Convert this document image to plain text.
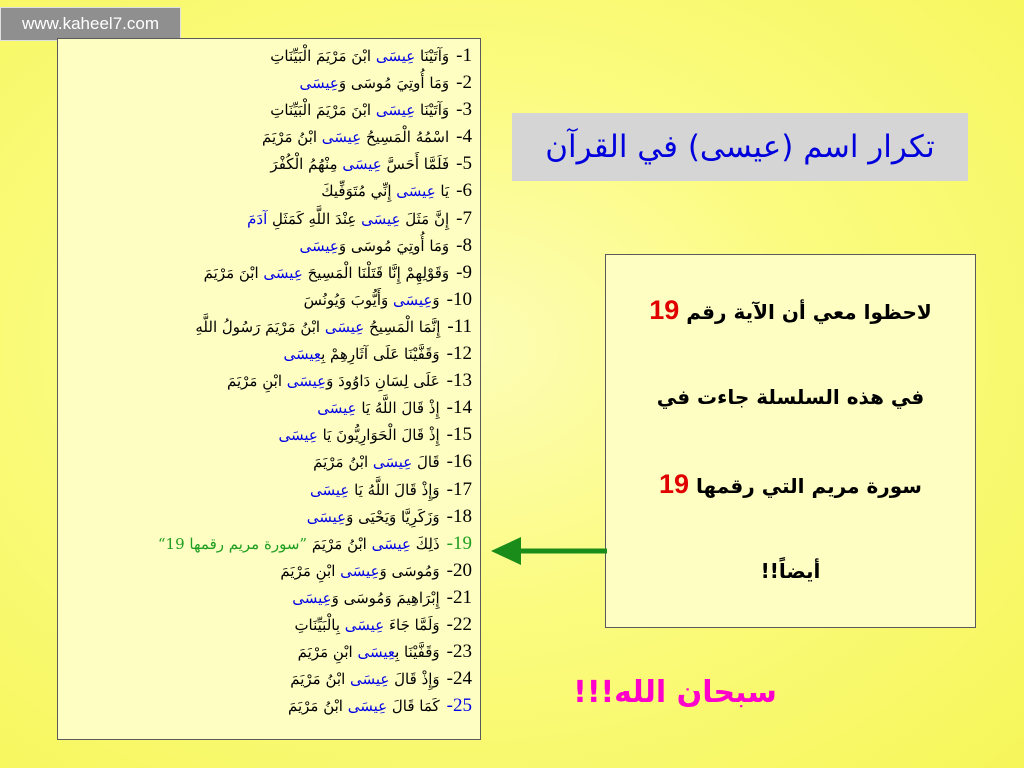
www.kaheel7.com
1-وَآتَيْنَا عِيسَى ابْنَ مَرْيَمَ الْبَيِّنَاتِ
2-وَمَا أُوتِيَ مُوسَى وَعِيسَى
3-وَآتَيْنَا عِيسَى ابْنَ مَرْيَمَ الْبَيِّنَاتِ
4-اسْمُهُ الْمَسِيحُ عِيسَى ابْنُ مَرْيَمَ
5-فَلَمَّا أَحَسَّ عِيسَى مِنْهُمُ الْكُفْرَ
6-يَا عِيسَى إِنِّي مُتَوَفِّيكَ
7-إِنَّ مَثَلَ عِيسَى عِنْدَ اللَّهِ كَمَثَلِ آدَمَ
8-وَمَا أُوتِيَ مُوسَى وَعِيسَى
9-وَقَوْلِهِمْ إِنَّا قَتَلْنَا الْمَسِيحَ عِيسَى ابْنَ مَرْيَمَ
10-وَعِيسَى وَأَيُّوبَ وَيُونُسَ
11-إِنَّمَا الْمَسِيحُ عِيسَى ابْنُ مَرْيَمَ رَسُولُ اللَّهِ
12-وَقَفَّيْنَا عَلَى آثَارِهِمْ بِعِيسَى
13-عَلَى لِسَانِ دَاوُودَ وَعِيسَى ابْنِ مَرْيَمَ
14-إِذْ قَالَ اللَّهُ يَا عِيسَى
15-إِذْ قَالَ الْحَوَارِيُّونَ يَا عِيسَى
16-قَالَ عِيسَى ابْنُ مَرْيَمَ
17-وَإِذْ قَالَ اللَّهُ يَا عِيسَى
18-وَزَكَرِيَّا وَيَحْيَى وَعِيسَى
19-ذَلِكَ عِيسَى ابْنُ مَرْيَمَ ”سورة مريم رقمها 19“
20-وَمُوسَى وَعِيسَى ابْنِ مَرْيَمَ
21-إِبْرَاهِيمَ وَمُوسَى وَعِيسَى
22-وَلَمَّا جَاءَ عِيسَى بِالْبَيِّنَاتِ
23-وَقَفَّيْنَا بِعِيسَى ابْنِ مَرْيَمَ
24-وَإِذْ قَالَ عِيسَى ابْنُ مَرْيَمَ
25-كَمَا قَالَ عِيسَى ابْنُ مَرْيَمَ
تكرار اسم (عيسى) في القرآن
لاحظوا معي أن الآية رقم 19
في هذه السلسلة جاءت في
سورة مريم التي رقمها 19
أيضاً!!
سبحان الله!!!
